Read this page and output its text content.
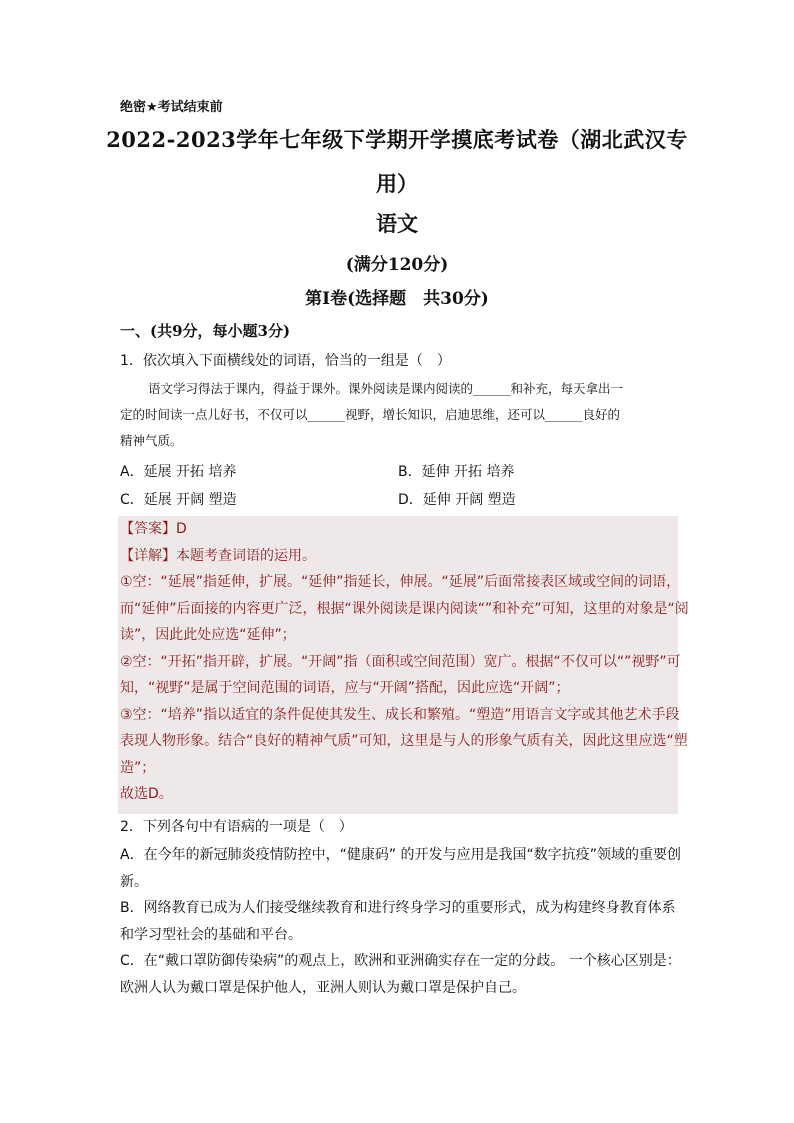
绝密★考试结束前
2022-2023学年七年级下学期开学摸底考试卷（湖北武汉专
用）
语文
(满分120分)
第Ⅰ卷(选择题　共30分)
一、(共9分，每小题3分)
1．依次填入下面横线处的词语，恰当的一组是（　）
语文学习得法于课内，得益于课外。课外阅读是课内阅读的______和补充，每天拿出一
定的时间读一点儿好书，不仅可以______视野，增长知识，启迪思维，还可以______良好的
精神气质。
A．延展 开拓 培养	B．延伸 开拓 培养
C．延展 开阔 塑造	D．延伸 开阔 塑造
【答案】D
【详解】本题考查词语的运用。
①空：“延展”指延伸，扩展。“延伸”指延长，伸展。“延展”后面常接表区域或空间的词语，
而“延伸”后面接的内容更广泛，根据“课外阅读是课内阅读“”和补充”可知，这里的对象是“阅
读”，因此此处应选“延伸”；
②空：“开拓”指开辟，扩展。“开阔”指（面积或空间范围）宽广。根据“不仅可以“”视野”可
知，“视野”是属于空间范围的词语，应与“开阔”搭配，因此应选“开阔”；
③空：“培养”指以适宜的条件促使其发生、成长和繁殖。“塑造”用语言文字或其他艺术手段
表现人物形象。结合“良好的精神气质”可知，这里是与人的形象气质有关，因此这里应选“塑
造”；
故选D。
2．下列各句中有语病的一项是（　）
A．在今年的新冠肺炎疫情防控中，“健康码” 的开发与应用是我国“数字抗疫”领域的重要创
新。
B．网络教育已成为人们接受继续教育和进行终身学习的重要形式，成为构建终身教育体系
和学习型社会的基础和平台。
C．在“戴口罩防御传染病”的观点上，欧洲和亚洲确实存在一定的分歧。 一个核心区别是：
欧洲人认为戴口罩是保护他人，亚洲人则认为戴口罩是保护自己。
